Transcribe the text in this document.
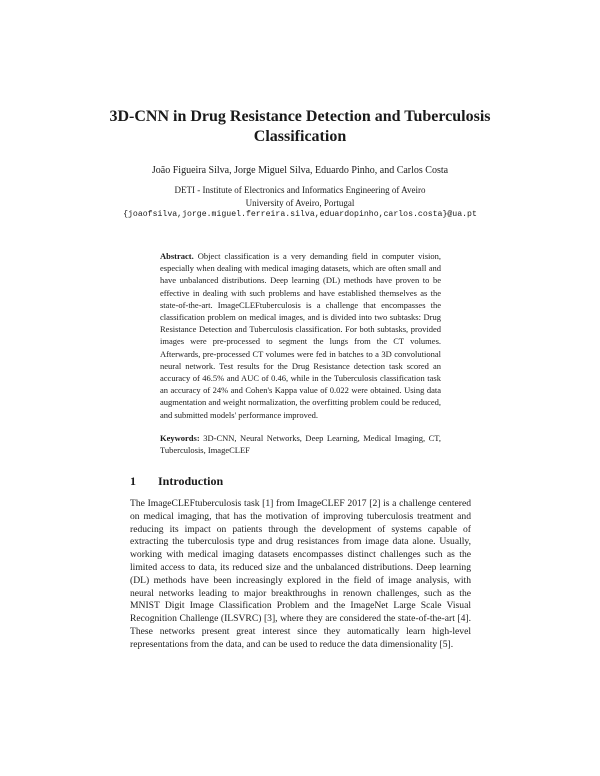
3D-CNN in Drug Resistance Detection and Tuberculosis Classification
João Figueira Silva, Jorge Miguel Silva, Eduardo Pinho, and Carlos Costa
DETI - Institute of Electronics and Informatics Engineering of Aveiro
University of Aveiro, Portugal
{joaofsilva,jorge.miguel.ferreira.silva,eduardopinho,carlos.costa}@ua.pt
Abstract. Object classification is a very demanding field in computer vision, especially when dealing with medical imaging datasets, which are often small and have unbalanced distributions. Deep learning (DL) methods have proven to be effective in dealing with such problems and have established themselves as the state-of-the-art. ImageCLEFtuberculosis is a challenge that encompasses the classification problem on medical images, and is divided into two subtasks: Drug Resistance Detection and Tuberculosis classification. For both subtasks, provided images were pre-processed to segment the lungs from the CT volumes. Afterwards, pre-processed CT volumes were fed in batches to a 3D convolutional neural network. Test results for the Drug Resistance detection task scored an accuracy of 46.5% and AUC of 0.46, while in the Tuberculosis classification task an accuracy of 24% and Cohen's Kappa value of 0.022 were obtained. Using data augmentation and weight normalization, the overfitting problem could be reduced, and submitted models' performance improved.
Keywords: 3D-CNN, Neural Networks, Deep Learning, Medical Imaging, CT, Tuberculosis, ImageCLEF
1 Introduction
The ImageCLEFtuberculosis task [1] from ImageCLEF 2017 [2] is a challenge centered on medical imaging, that has the motivation of improving tuberculosis treatment and reducing its impact on patients through the development of systems capable of extracting the tuberculosis type and drug resistances from image data alone. Usually, working with medical imaging datasets encompasses distinct challenges such as the limited access to data, its reduced size and the unbalanced distributions. Deep learning (DL) methods have been increasingly explored in the field of image analysis, with neural networks leading to major breakthroughs in renown challenges, such as the MNIST Digit Image Classification Problem and the ImageNet Large Scale Visual Recognition Challenge (ILSVRC) [3], where they are considered the state-of-the-art [4]. These networks present great interest since they automatically learn high-level representations from the data, and can be used to reduce the data dimensionality [5].
